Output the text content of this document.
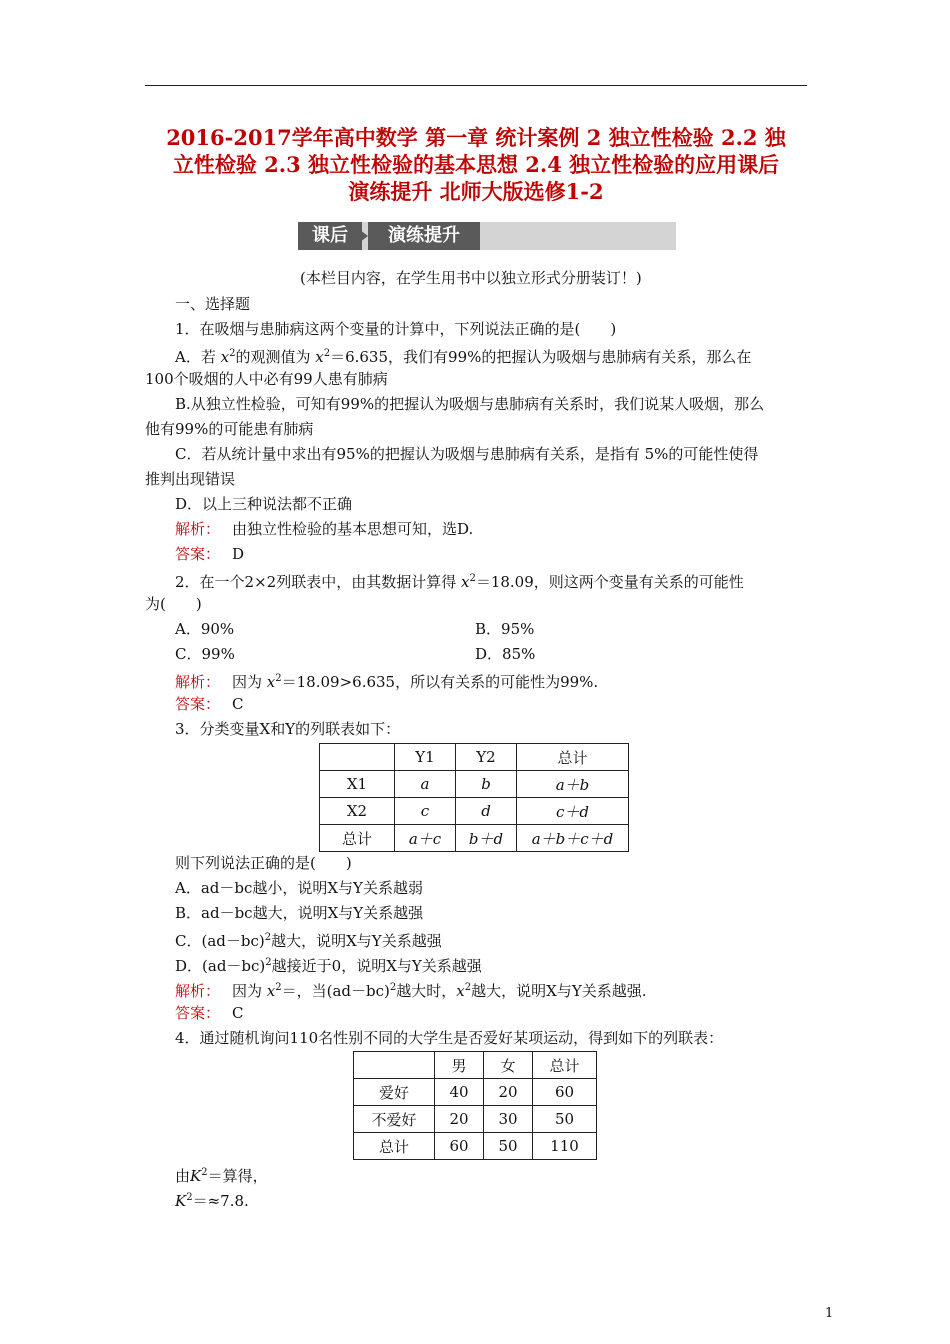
2016-2017学年高中数学 第一章 统计案例 2 独立性检验 2.2 独
立性检验 2.3 独立性检验的基本思想 2.4 独立性检验的应用课后
演练提升 北师大版选修1-2
课后	演练提升
(本栏目内容，在学生用书中以独立形式分册装订！)
一、选择题
1．在吸烟与患肺病这两个变量的计算中，下列说法正确的是(　　)
A．若 $x^2$的观测值为 $x^2=6.635$，我们有99%的把握认为吸烟与患肺病有关系，那么在
100个吸烟的人中必有99人患有肺病
B.从独立性检验，可知有99%的把握认为吸烟与患肺病有关系时，我们说某人吸烟，那么
他有99%的可能患有肺病
C．若从统计量中求出有95%的把握认为吸烟与患肺病有关系，是指有 5%的可能性使得
推判出现错误
D．以上三种说法都不正确
解析： 由独立性检验的基本思想可知，选D.
答案： D
2．在一个2×2列联表中，由其数据计算得 $x^2=18.09$，则这两个变量有关系的可能性
为(　　)
A．90%	B．95%
C．99%	D．85%
解析： 因为 $x^2=18.09>6.635$，所以有关系的可能性为99%.
答案： C
3．分类变量X和Y的列联表如下：
	Y1	Y2	总计
X1	a	b	a＋b
X2	c	d	c＋d
总计	a＋c	b＋d	a＋b＋c＋d
则下列说法正确的是(　　)
A．ad－bc越小，说明X与Y关系越弱
B．ad－bc越大，说明X与Y关系越强
C．$(ad-bc)^2$越大，说明X与Y关系越强
D．$(ad-bc)^2$越接近于0，说明X与Y关系越强
解析： 因为 $x^2=$，当$(ad-bc)^2$越大时，$x^2$越大，说明X与Y关系越强.
答案： C
4．通过随机询问110名性别不同的大学生是否爱好某项运动，得到如下的列联表：
	男	女	总计
爱好	40	20	60
不爱好	20	30	50
总计	60	50	110
由$K^2=$算得，
$K^2=\approx 7.8$.
1
